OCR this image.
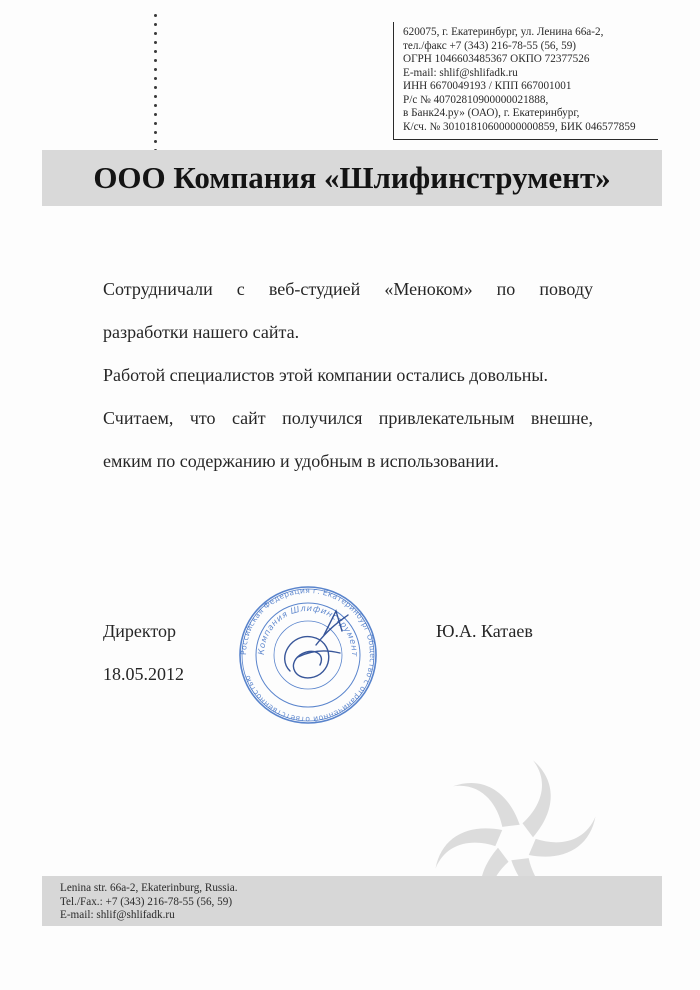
620075, г. Екатеринбург, ул. Ленина 66а-2,
тел./факс +7 (343) 216-78-55 (56, 59)
ОГРН 1046603485367 ОКПО 72377526
E-mail: shlif@shlifadk.ru
ИНН 6670049193 / КПП 667001001
Р/с № 40702810900000021888,
в Банк24.ру» (ОАО), г. Екатеринбург,
К/сч. № 30101810600000000859, БИК 046577859
ООО Компания «Шлифинструмент»

Сотрудничали с веб-студией «Меноком» по поводу

разработки нашего сайта.

Работой специалистов этой компании остались довольны.

Считаем, что сайт получился привлекательным внешне,

емким по содержанию и удобным в использовании.

Директор
18.05.2012
Ю.А. Катаев
Российская Федерация г. Екатеринбург Общество с ограниченной ответственностью
Компания Шлифинструмент
Lenina str. 66a-2, Ekaterinburg, Russia.
Tel./Fax.: +7 (343) 216-78-55 (56, 59)
E-mail: shlif@shlifadk.ru
